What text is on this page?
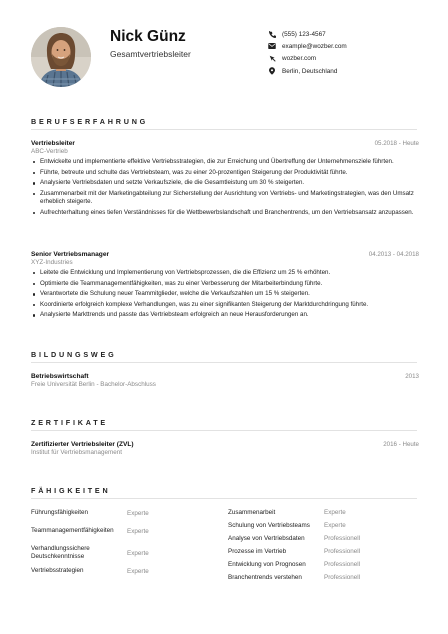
Nick Günz
Gesamtvertriebsleiter
(555) 123-4567
example@wozber.com
wozber.com
Berlin, Deutschland
BERUFSERFAHRUNG
Vertriebsleiter	05.2018 - Heute
ABC-Vertrieb
Entwickelte und implementierte effektive Vertriebsstrategien, die zur Erreichung und Übertreffung der Unternehmensziele führten.
Führte, betreute und schulte das Vertriebsteam, was zu einer 20-prozentigen Steigerung der Produktivität führte.
Analysierte Vertriebsdaten und setzte Verkaufsziele, die die Gesamtleistung um 30 % steigerten.
Zusammenarbeit mit der Marketingabteilung zur Sicherstellung der Ausrichtung von Vertriebs- und Marketingstrategien, was den Umsatz erheblich steigerte.
Aufrechterhaltung eines tiefen Verständnisses für die Wettbewerbslandschaft und Branchentrends, um den Vertriebsansatz anzupassen.
Senior Vertriebsmanager	04.2013 - 04.2018
XYZ-Industries
Leitete die Entwicklung und Implementierung von Vertriebsprozessen, die die Effizienz um 25 % erhöhten.
Optimierte die Teammanagementfähigkeiten, was zu einer Verbesserung der Mitarbeiterbindung führte.
Verantwortete die Schulung neuer Teammitglieder, welche die Verkaufszahlen um 15 % steigerten.
Koordinierte erfolgreich komplexe Verhandlungen, was zu einer signifikanten Steigerung der Marktdurchdringung führte.
Analysierte Markttrends und passte das Vertriebsteam erfolgreich an neue Herausforderungen an.
BILDUNGSWEG
Betriebswirtschaft	2013
Freie Universität Berlin - Bachelor-Abschluss
ZERTIFIKATE
Zertifizierter Vertriebsleiter (ZVL)	2016 - Heute
Institut für Vertriebsmanagement
FÄHIGKEITEN
Führungsfähigkeiten	Experte
Teammanagementfähigkeiten	Experte
Verhandlungssichere Deutschkenntnisse	Experte
Vertriebsstrategien	Experte
Zusammenarbeit	Experte
Schulung von Vertriebsteams	Experte
Analyse von Vertriebsdaten	Professionell
Prozesse im Vertrieb	Professionell
Entwicklung von Prognosen	Professionell
Branchentrends verstehen	Professionell
